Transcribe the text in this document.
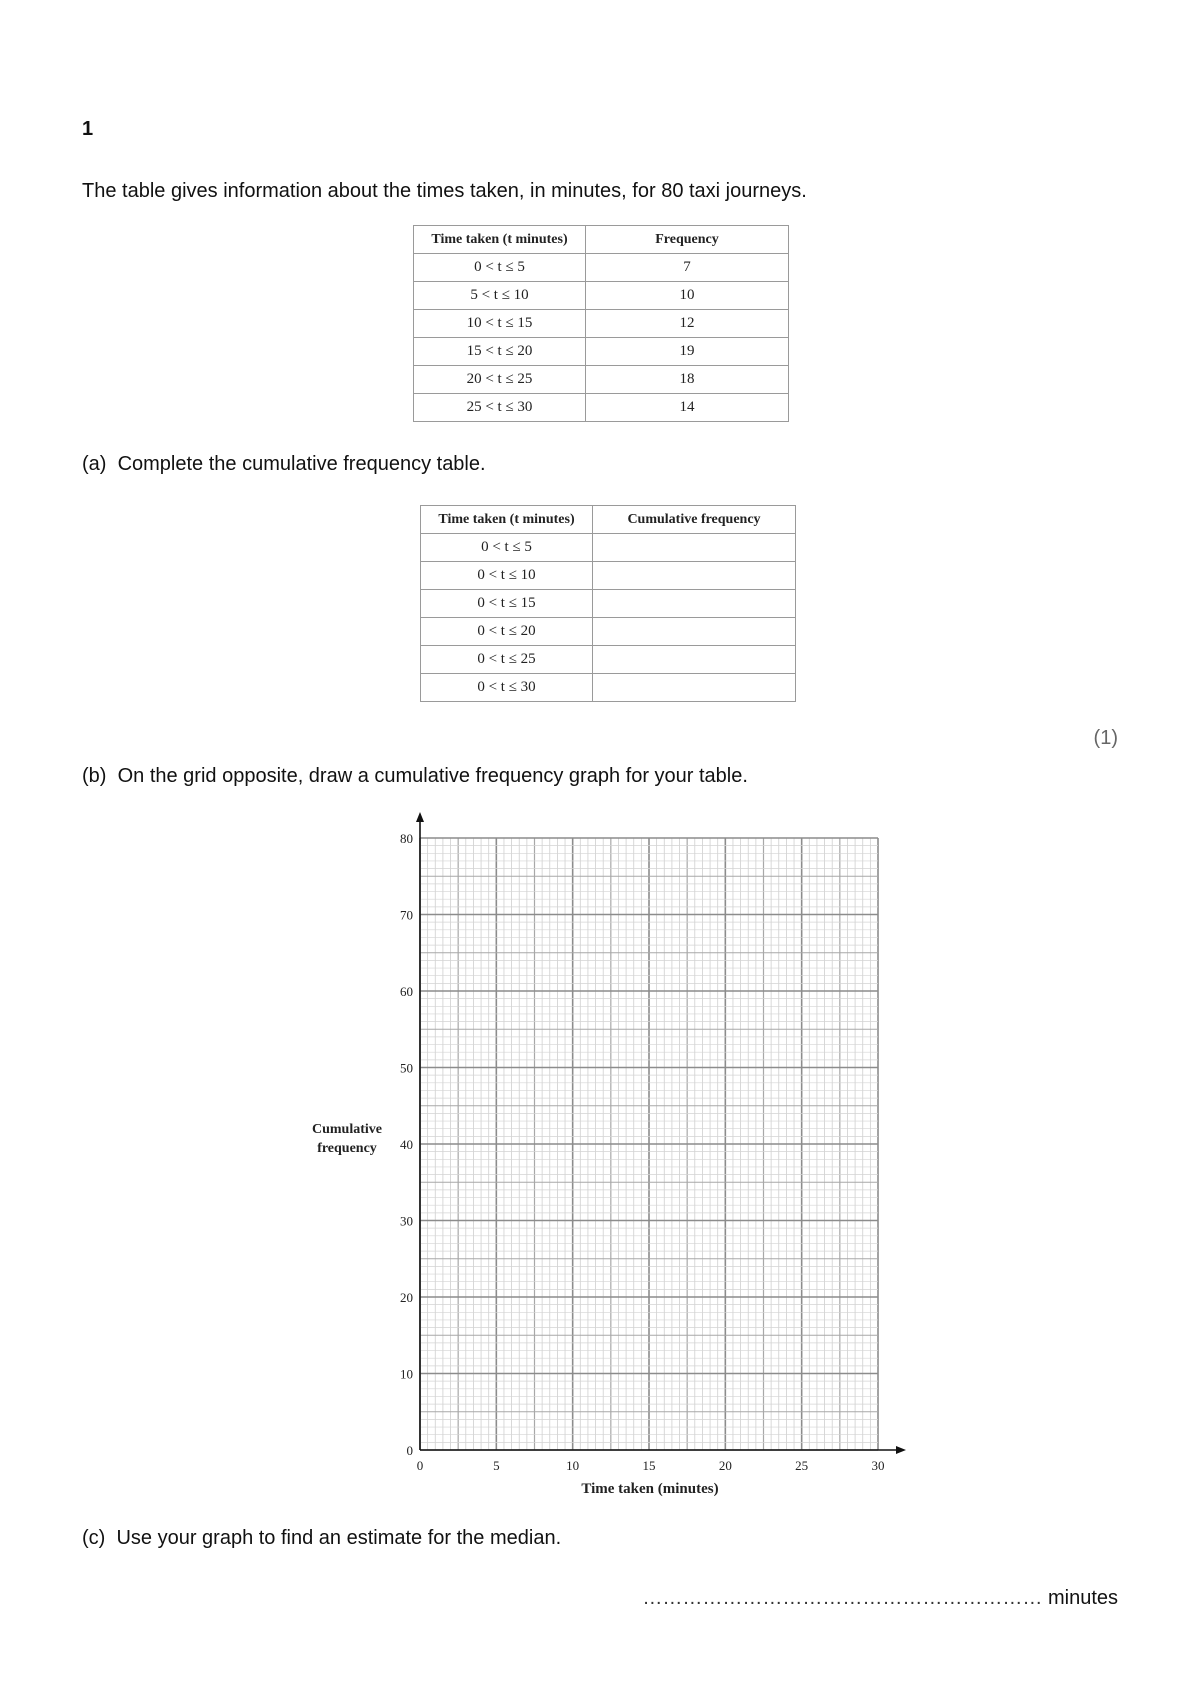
1
The table gives information about the times taken, in minutes, for 80 taxi journeys.
Time taken (t minutes)	Frequency
0 < t ≤ 5	7
5 < t ≤ 10	10
10 < t ≤ 15	12
15 < t ≤ 20	19
20 < t ≤ 25	18
25 < t ≤ 30	14
(a) Complete the cumulative frequency table.
Time taken (t minutes)	Cumulative frequency
0 < t ≤ 5	
0 < t ≤ 10	
0 < t ≤ 15	
0 < t ≤ 20	
0 < t ≤ 25	
0 < t ≤ 30	
(1)
(b) On the grid opposite, draw a cumulative frequency graph for your table.
Cumulative frequency
Time taken (minutes)
0	5	10	15	20	25	30
0
10
20
30
40
50
60
70
80
(c) Use your graph to find an estimate for the median.
…………………………………………………… minutes
